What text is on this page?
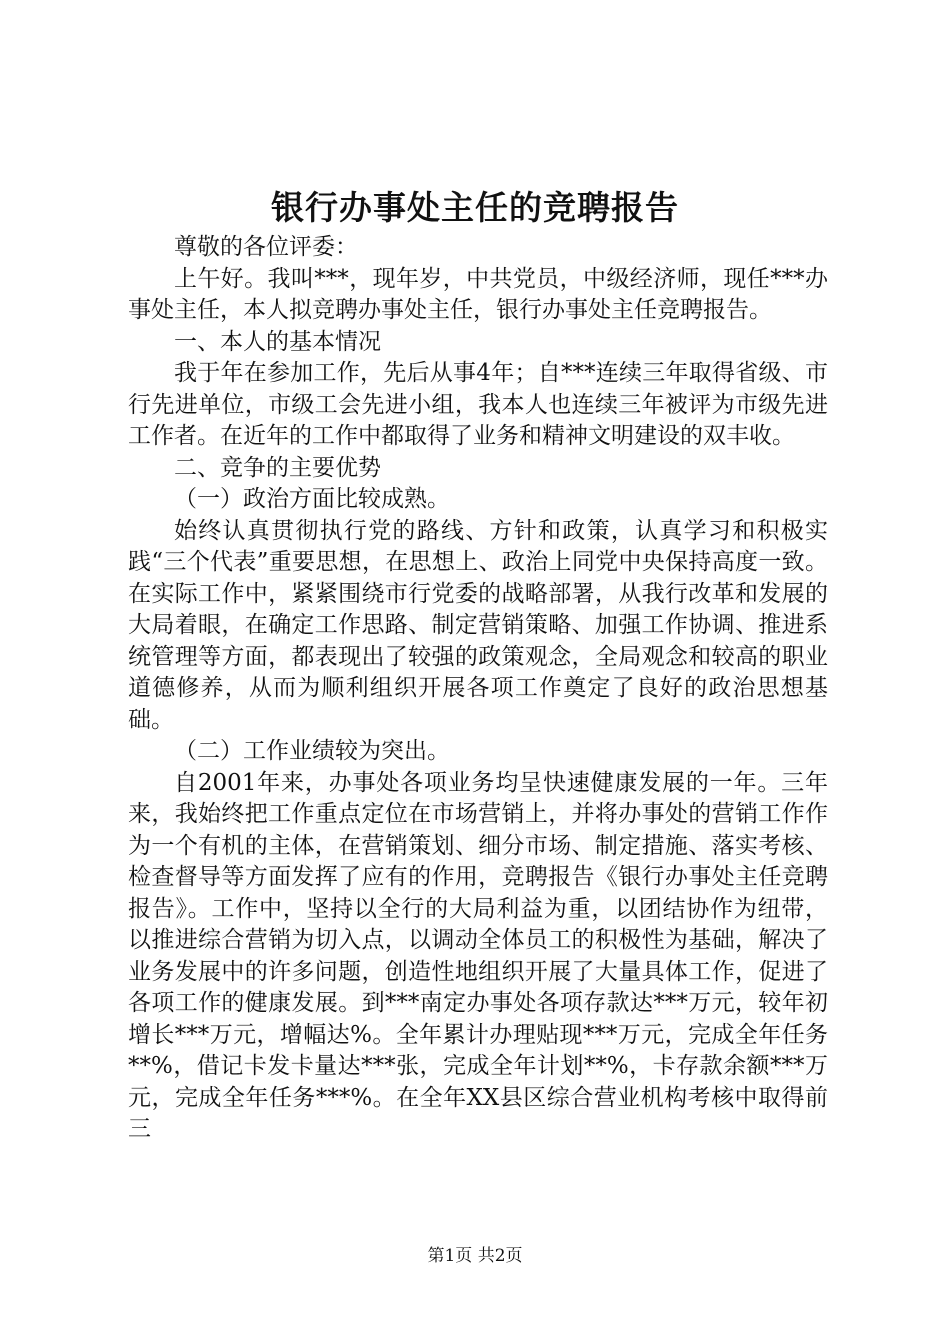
银行办事处主任的竞聘报告

尊敬的各位评委：

上午好。我叫***，现年岁，中共党员，中级经济师，现任***办事处主任，本人拟竞聘办事处主任，银行办事处主任竞聘报告。

一、本人的基本情况

我于年在参加工作，先后从事4年；自***连续三年取得省级、市行先进单位，市级工会先进小组，我本人也连续三年被评为市级先进工作者。在近年的工作中都取得了业务和精神文明建设的双丰收。

二、竞争的主要优势

（一）政治方面比较成熟。

始终认真贯彻执行党的路线、方针和政策，认真学习和积极实践“三个代表”重要思想，在思想上、政治上同党中央保持高度一致。在实际工作中，紧紧围绕市行党委的战略部署，从我行改革和发展的大局着眼，在确定工作思路、制定营销策略、加强工作协调、推进系统管理等方面，都表现出了较强的政策观念，全局观念和较高的职业道德修养，从而为顺利组织开展各项工作奠定了良好的政治思想基础。

（二）工作业绩较为突出。

自2001年来，办事处各项业务均呈快速健康发展的一年。三年来，我始终把工作重点定位在市场营销上，并将办事处的营销工作作为一个有机的主体，在营销策划、细分市场、制定措施、落实考核、检查督导等方面发挥了应有的作用，竞聘报告《银行办事处主任竞聘报告》。工作中，坚持以全行的大局利益为重，以团结协作为纽带，以推进综合营销为切入点，以调动全体员工的积极性为基础，解决了业务发展中的许多问题，创造性地组织开展了大量具体工作，促进了各项工作的健康发展。到***南定办事处各项存款达***万元，较年初增长***万元，增幅达%。全年累计办理贴现***万元，完成全年任务**%，借记卡发卡量达***张，完成全年计划**%，卡存款余额***万元，完成全年任务***%。在全年XX县区综合营业机构考核中取得前三

第1页 共2页
